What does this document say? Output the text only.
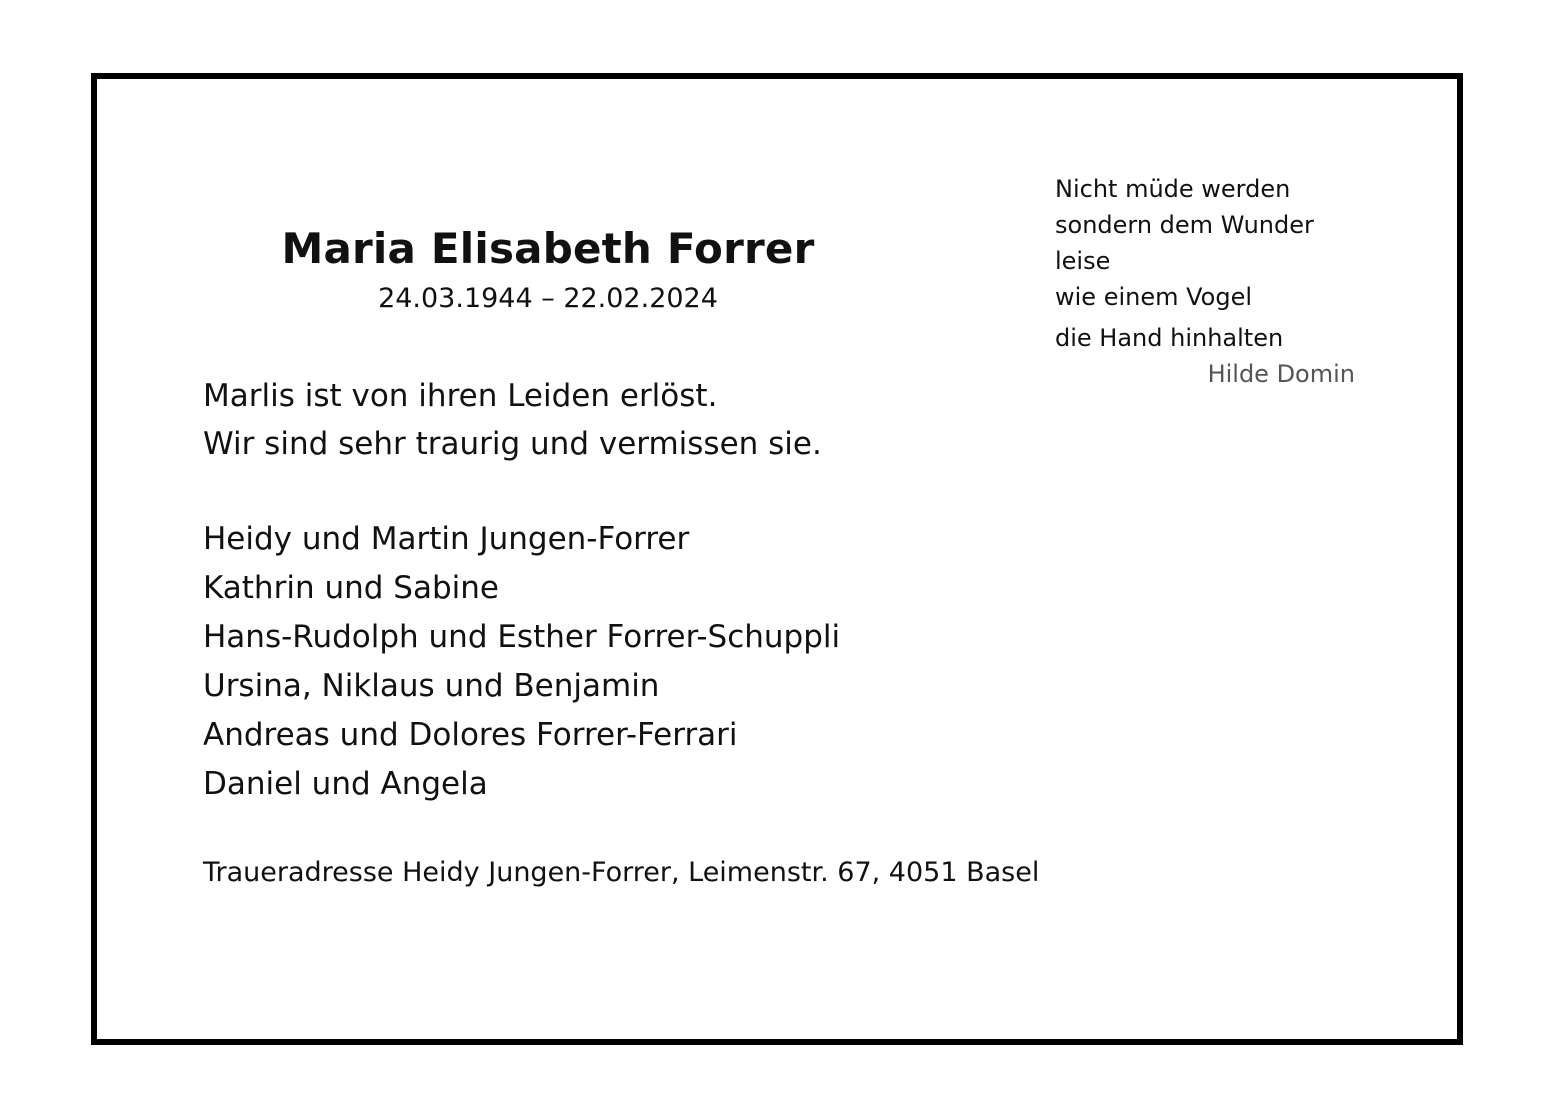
Maria Elisabeth Forrer
24.03.1944 – 22.02.2024
Marlis ist von ihren Leiden erlöst.
Wir sind sehr traurig und vermissen sie.
Heidy und Martin Jungen-Forrer
Kathrin und Sabine
Hans-Rudolph und Esther Forrer-Schuppli
Ursina, Niklaus und Benjamin
Andreas und Dolores Forrer-Ferrari
Daniel und Angela
Traueradresse Heidy Jungen-Forrer, Leimenstr. 67, 4051 Basel
Nicht müde werden
sondern dem Wunder
leise
wie einem Vogel
die Hand hinhalten
Hilde Domin
